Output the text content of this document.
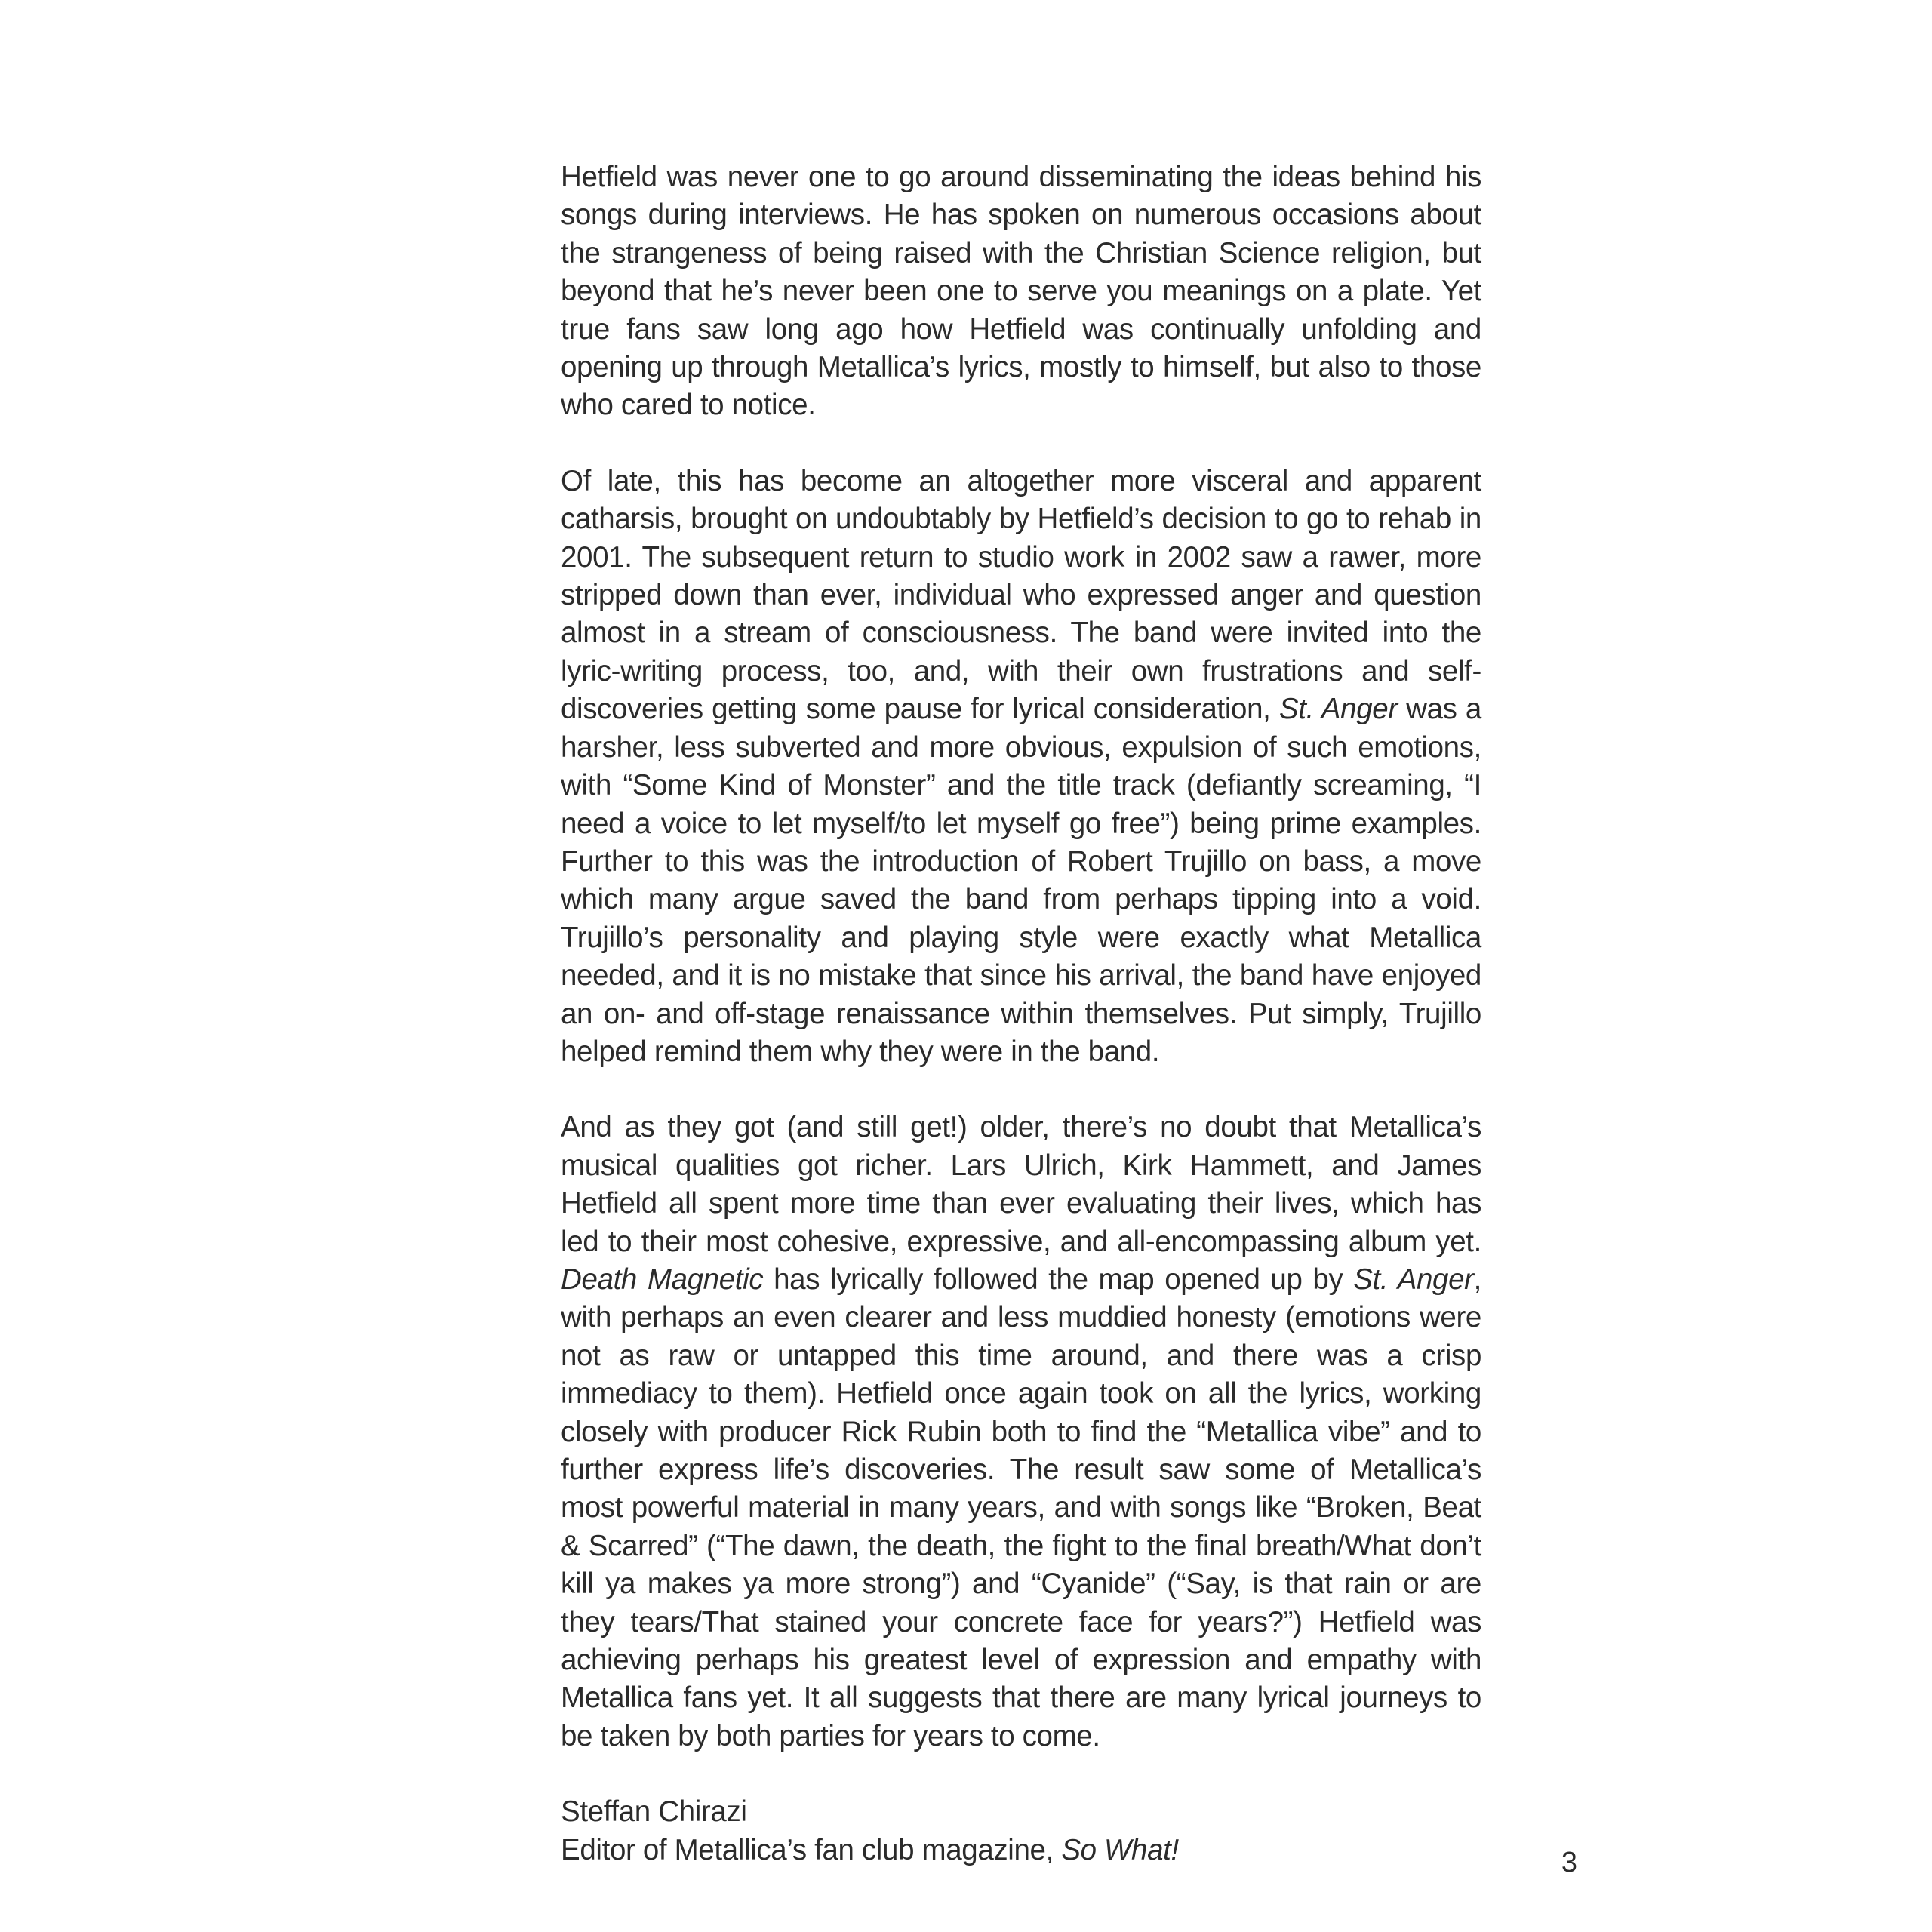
Hetfield was never one to go around disseminating the ideas behind his songs during interviews. He has spoken on numerous occasions about the strangeness of being raised with the Christian Science religion, but beyond that he’s never been one to serve you meanings on a plate. Yet true fans saw long ago how Hetfield was continually unfolding and opening up through Metallica’s lyrics, mostly to himself, but also to those who cared to notice.

Of late, this has become an altogether more visceral and apparent catharsis, brought on undoubtably by Hetfield’s decision to go to rehab in 2001. The subsequent return to studio work in 2002 saw a rawer, more stripped down than ever, individual who expressed anger and question almost in a stream of consciousness. The band were invited into the lyric-writing process, too, and, with their own frustrations and self-discoveries getting some pause for lyrical consideration, St. Anger was a harsher, less subverted and more obvious, expulsion of such emotions, with “Some Kind of Monster” and the title track (defiantly screaming, “I need a voice to let myself/to let myself go free”) being prime examples. Further to this was the introduction of Robert Trujillo on bass, a move which many argue saved the band from perhaps tipping into a void. Trujillo’s personality and playing style were exactly what Metallica needed, and it is no mistake that since his arrival, the band have enjoyed an on- and off-stage renaissance within themselves. Put simply, Trujillo helped remind them why they were in the band.

And as they got (and still get!) older, there’s no doubt that Metallica’s musical qualities got richer. Lars Ulrich, Kirk Hammett, and James Hetfield all spent more time than ever evaluating their lives, which has led to their most cohesive, expressive, and all-encompassing album yet. Death Magnetic has lyrically followed the map opened up by St. Anger, with perhaps an even clearer and less muddied honesty (emotions were not as raw or untapped this time around, and there was a crisp immediacy to them). Hetfield once again took on all the lyrics, working closely with producer Rick Rubin both to find the “Metallica vibe” and to further express life’s discoveries. The result saw some of Metallica’s most powerful material in many years, and with songs like “Broken, Beat & Scarred” (“The dawn, the death, the fight to the final breath/What don’t kill ya makes ya more strong”) and “Cyanide” (“Say, is that rain or are they tears/That stained your concrete face for years?”) Hetfield was achieving perhaps his greatest level of expression and empathy with Metallica fans yet. It all suggests that there are many lyrical journeys to be taken by both parties for years to come.

Steffan Chirazi
Editor of Metallica’s fan club magazine, So What!	3
